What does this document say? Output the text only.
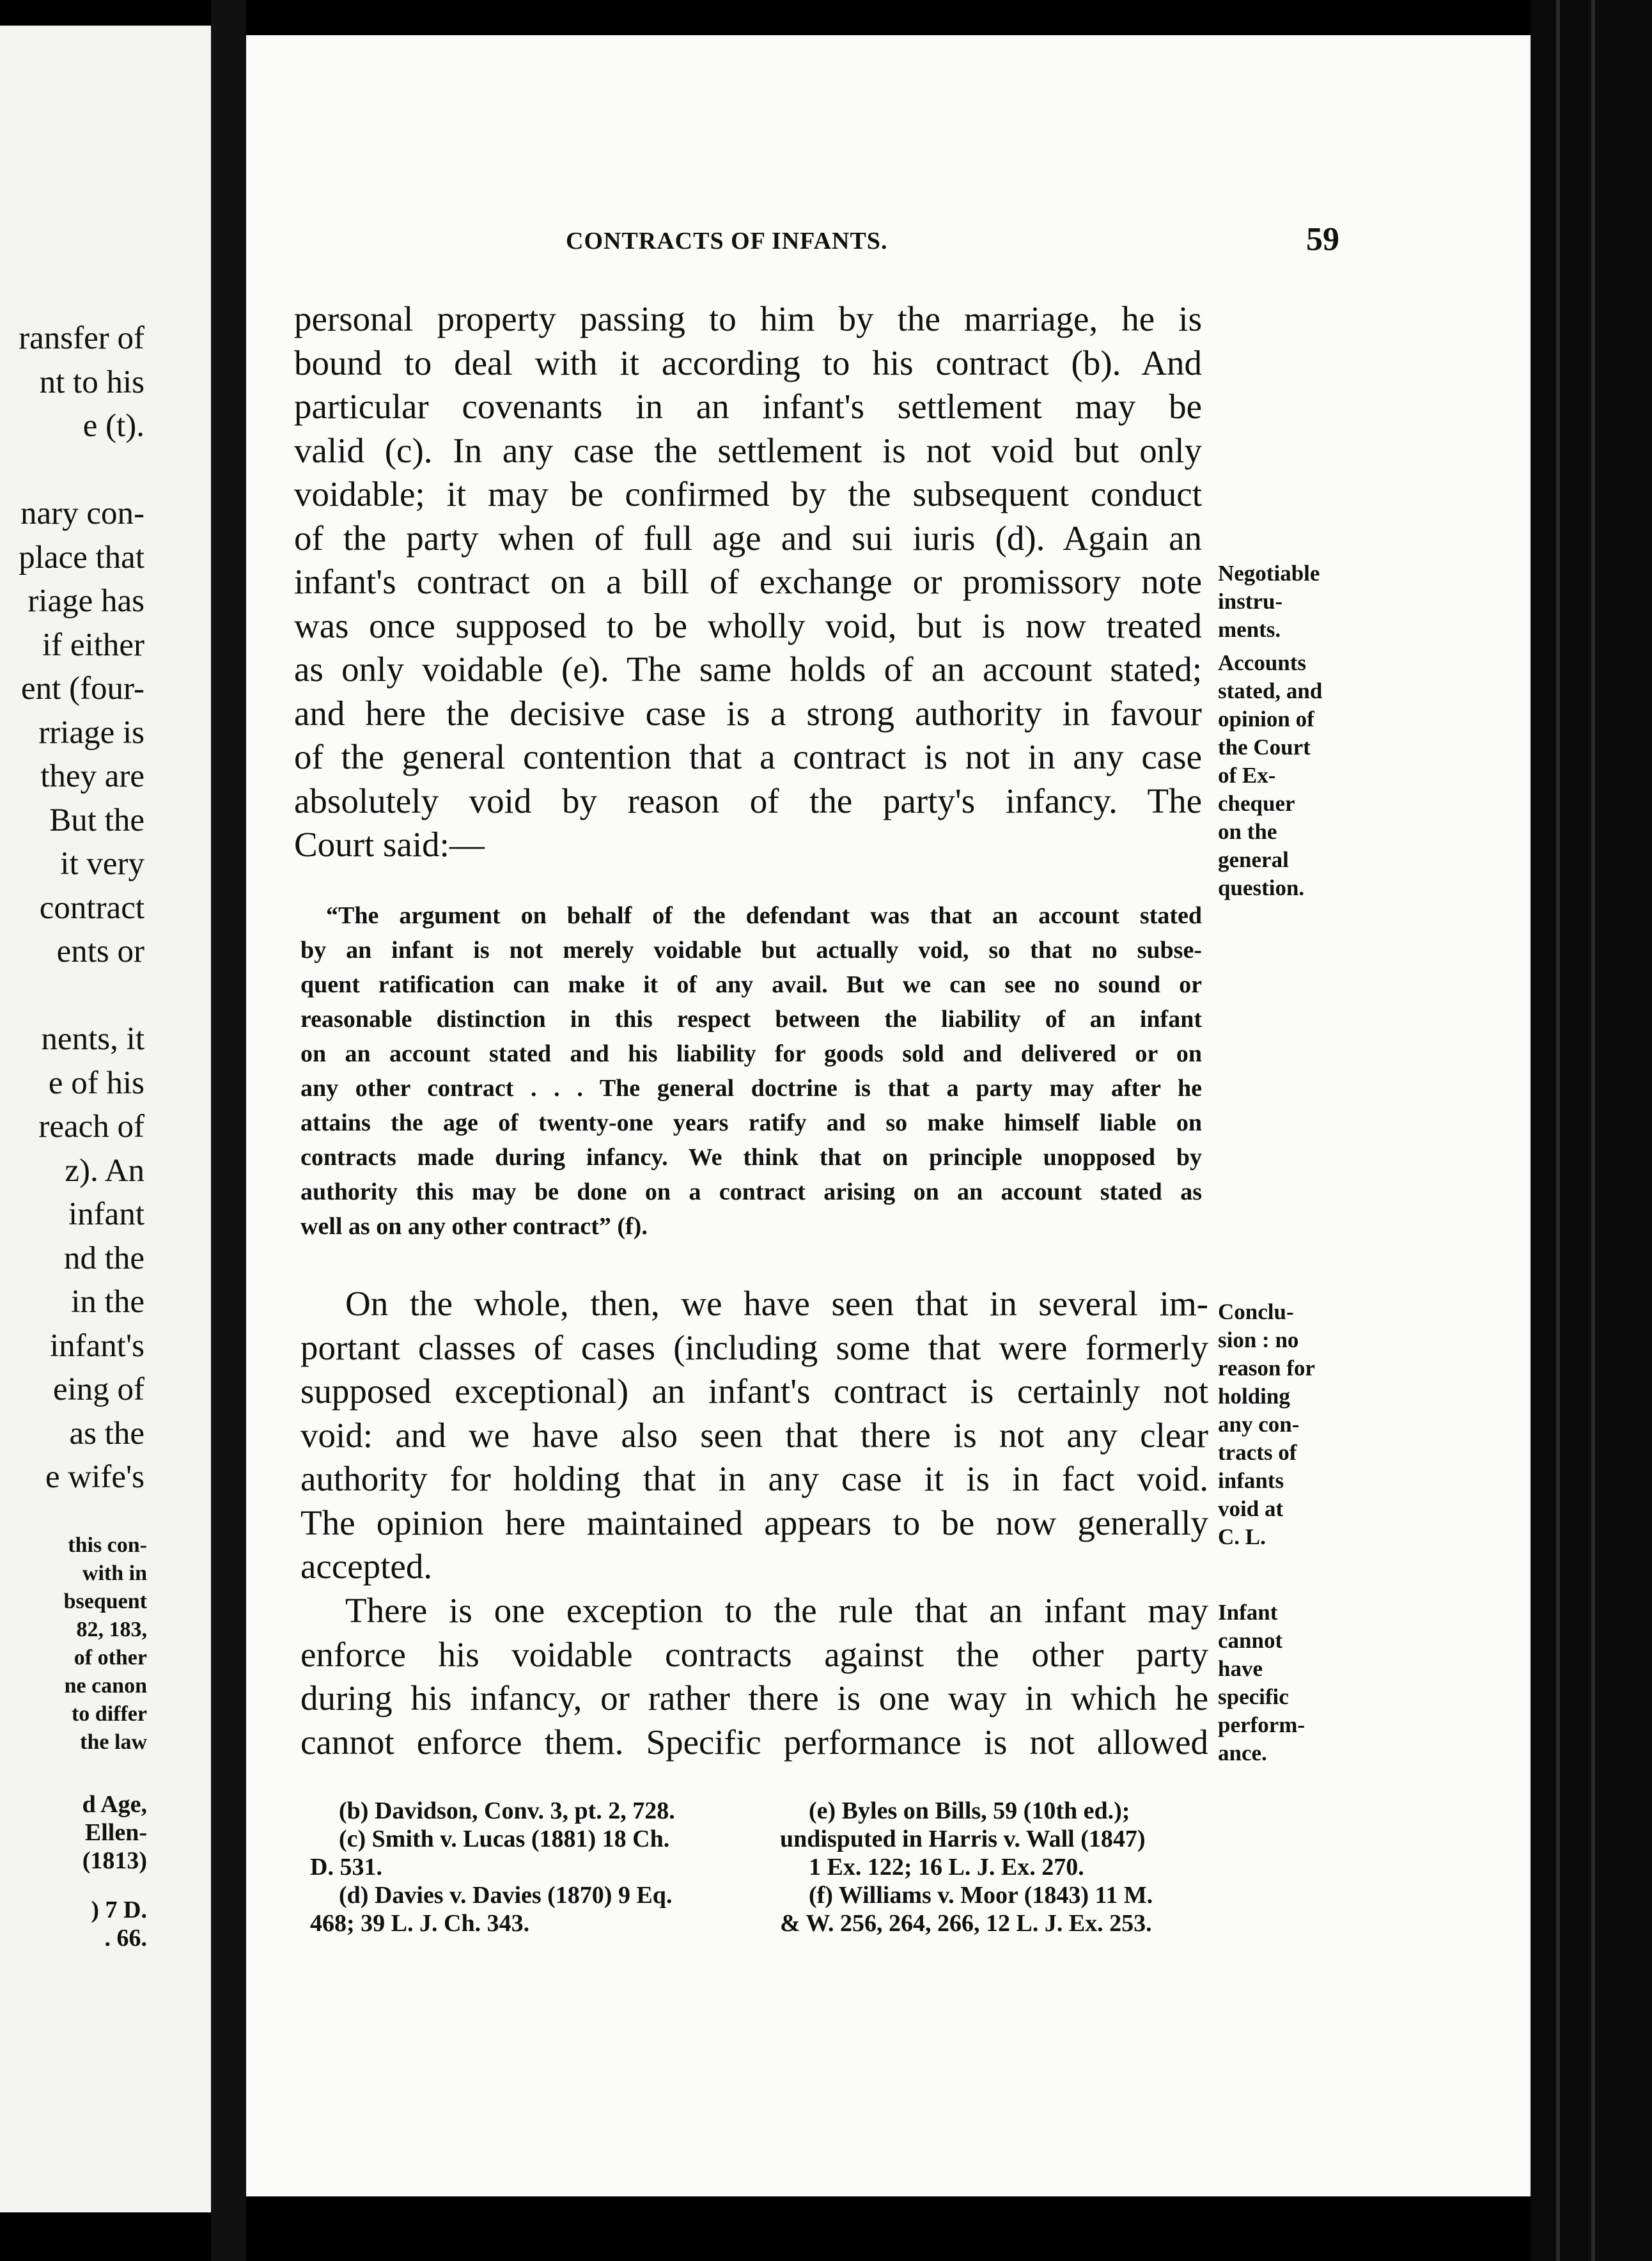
ransfer of
nt to his
e (t).

nary con-
place that
riage has
if either
ent (four-
rriage is
they are
But the
it very
contract
ents or

nents, it
e of his
reach of
z). An
infant
nd the
in the
infant's
eing of
as the
e wife's
this con-
with in
bsequent
82, 183,
of other
ne canon
to differ
the law
d Age,
Ellen-
(1813)
) 7 D.
. 66.
CONTRACTS OF INFANTS.	59
personal property passing to him by the marriage, he is
bound to deal with it according to his contract (b). And
particular covenants in an infant's settlement may be
valid (c). In any case the settlement is not void but only
voidable; it may be confirmed by the subsequent conduct
of the party when of full age and sui iuris (d). Again an
infant's contract on a bill of exchange or promissory note
was once supposed to be wholly void, but is now treated
as only voidable (e). The same holds of an account stated;
and here the decisive case is a strong authority in favour
of the general contention that a contract is not in any case
absolutely void by reason of the party's infancy. The
Court said:—
“The argument on behalf of the defendant was that an account stated
by an infant is not merely voidable but actually void, so that no subse-
quent ratification can make it of any avail. But we can see no sound or
reasonable distinction in this respect between the liability of an infant
on an account stated and his liability for goods sold and delivered or on
any other contract . . . The general doctrine is that a party may after he
attains the age of twenty-one years ratify and so make himself liable on
contracts made during infancy. We think that on principle unopposed by
authority this may be done on a contract arising on an account stated as
well as on any other contract” (f).
On the whole, then, we have seen that in several im-
portant classes of cases (including some that were formerly
supposed exceptional) an infant's contract is certainly not
void: and we have also seen that there is not any clear
authority for holding that in any case it is in fact void.
The opinion here maintained appears to be now generally
accepted.
There is one exception to the rule that an infant may
enforce his voidable contracts against the other party
during his infancy, or rather there is one way in which he
cannot enforce them. Specific performance is not allowed
Negotiable
instru-
ments.
Accounts
stated, and
opinion of
the Court
of Ex-
chequer
on the
general
question.
Conclu-
sion : no
reason for
holding
any con-
tracts of
infants
void at
C. L.
Infant
cannot
have
specific
perform-
ance.
(b) Davidson, Conv. 3, pt. 2, 728.
(c) Smith v. Lucas (1881) 18 Ch.
D. 531.
(d) Davies v. Davies (1870) 9 Eq.
468; 39 L. J. Ch. 343.
(e) Byles on Bills, 59 (10th ed.);
undisputed in Harris v. Wall (1847)
1 Ex. 122; 16 L. J. Ex. 270.
(f) Williams v. Moor (1843) 11 M.
& W. 256, 264, 266, 12 L. J. Ex. 253.
